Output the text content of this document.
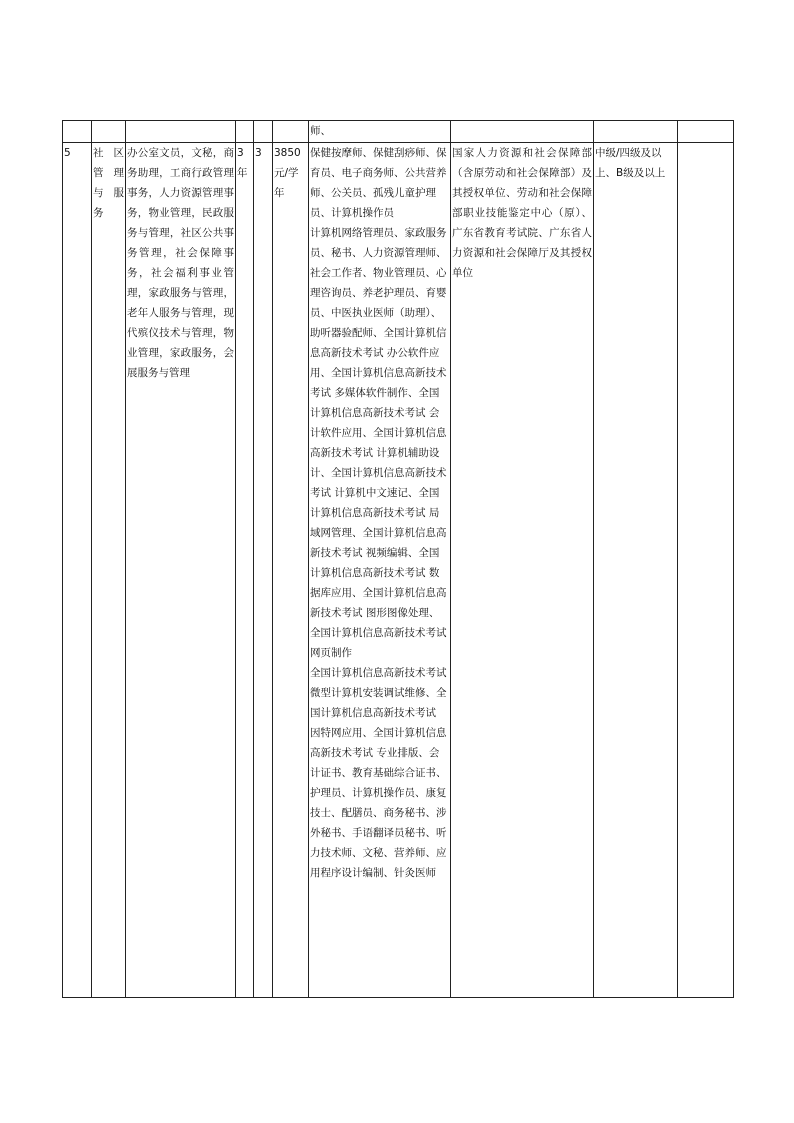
						师、			
5	社区管理与服务	办公室文员，文秘，商务助理，工商行政管理事务，人力资源管理事务，物业管理，民政服务与管理，社区公共事务管理，社会保障事务，社会福利事业管理，家政服务与管理，老年人服务与管理，现代殡仪技术与管理，物业管理，家政服务，会展服务与管理	3年	3	3850元/学年	保健按摩师、保健刮痧师、保育员、电子商务师、公共营养师、公关员、孤残儿童护理员、计算机操作员
计算机网络管理员、家政服务员、秘书、人力资源管理师、社会工作者、物业管理员、心理咨询员、养老护理员、育婴员、中医执业医师（助理）、助听器验配师、全国计算机信息高新技术考试 办公软件应用、全国计算机信息高新技术考试 多媒体软件制作、全国计算机信息高新技术考试 会计软件应用、全国计算机信息高新技术考试 计算机辅助设计、全国计算机信息高新技术考试 计算机中文速记、全国计算机信息高新技术考试 局域网管理、全国计算机信息高新技术考试 视频编辑、全国计算机信息高新技术考试 数据库应用、全国计算机信息高新技术考试 图形图像处理、全国计算机信息高新技术考试 网页制作
全国计算机信息高新技术考试 微型计算机安装调试维修、全国计算机信息高新技术考试 因特网应用、全国计算机信息高新技术考试 专业排版、会计证书、教育基础综合证书、护理员、计算机操作员、康复技士、配膳员、商务秘书、涉外秘书、手语翻译员秘书、听力技术师、文秘、营养师、应用程序设计编制、针灸医师	国家人力资源和社会保障部（含原劳动和社会保障部）及其授权单位、劳动和社会保障部职业技能鉴定中心（原）、广东省教育考试院、广东省人力资源和社会保障厅及其授权单位	中级/四级及以上、B级及以上	
